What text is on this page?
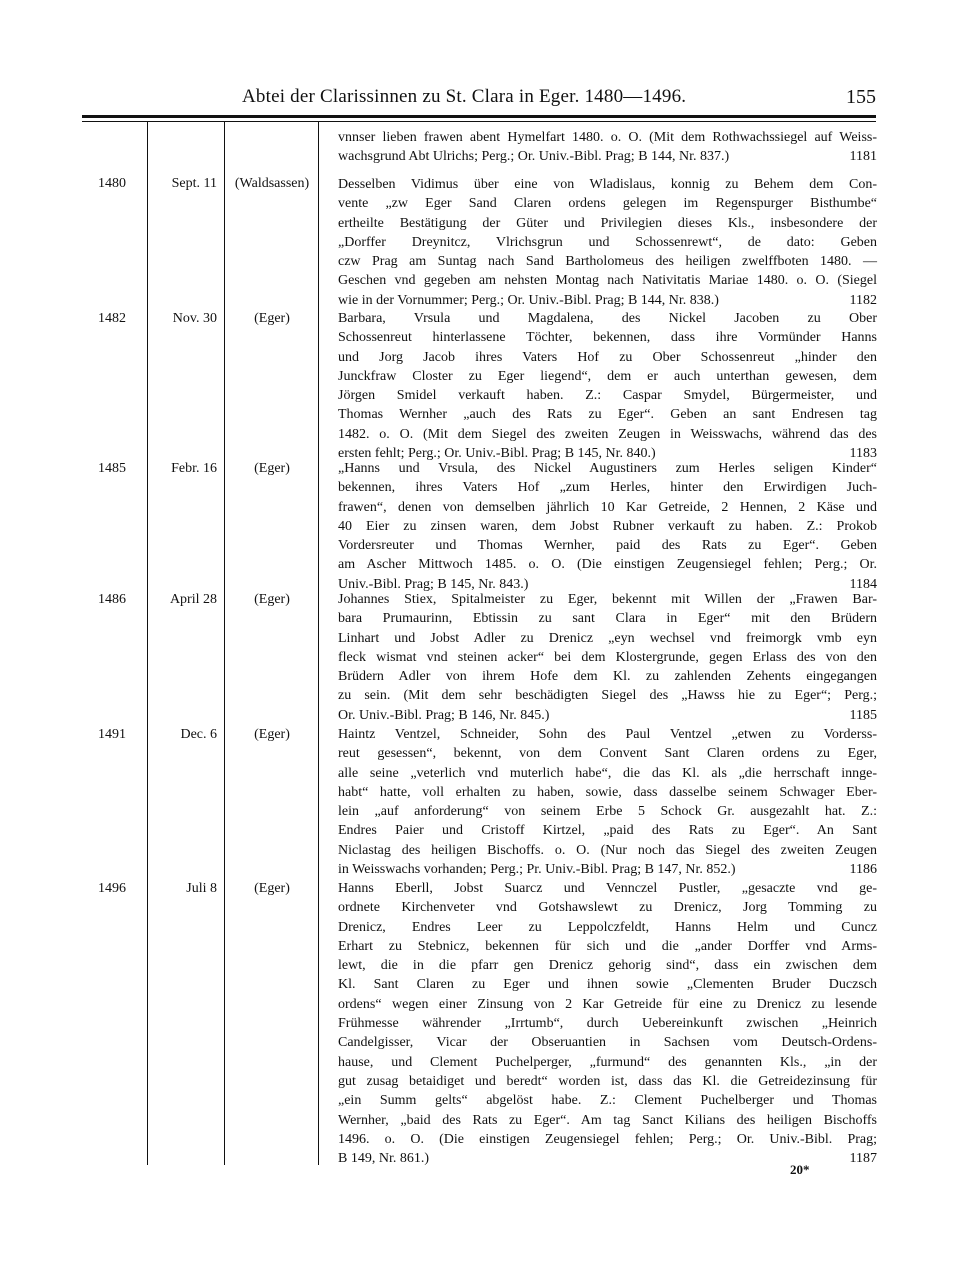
Abtei der Clarissinnen zu St. Clara in Eger. 1480—1496.	155
vnnser lieben frawen abent Hymelfart 1480. o. O. (Mit dem Rothwachssiegel auf Weiss-
wachsgrund Abt Ulrichs; Perg.; Or. Univ.-Bibl. Prag; B 144, Nr. 837.)	1181
1480	Sept. 11	(Waldsassen)	Desselben Vidimus über eine von Wladislaus, konnig zu Behem dem Con-
vente „zw Eger Sand Claren ordens gelegen im Regenspurger Bisthumbe“
ertheilte Bestätigung der Güter und Privilegien dieses Kls., insbesondere der
„Dorffer Dreynitcz, Vlrichsgrun und Schossenrewt“, de dato: Geben
czw Prag am Suntag nach Sand Bartholomeus des heiligen zwelffboten 1480. —
Geschen vnd gegeben am nehsten Montag nach Nativitatis Mariae 1480. o. O. (Siegel
wie in der Vornummer; Perg.; Or. Univ.-Bibl. Prag; B 144, Nr. 838.)	1182
1482	Nov. 30	(Eger)	Barbara, Vrsula und Magdalena, des Nickel Jacoben zu Ober
Schossenreut hinterlassene Töchter, bekennen, dass ihre Vormünder Hanns
und Jorg Jacob ihres Vaters Hof zu Ober Schossenreut „hinder den
Junckfraw Closter zu Eger liegend“, dem er auch unterthan gewesen, dem
Jörgen Smidel verkauft haben. Z.: Caspar Smydel, Bürgermeister, und
Thomas Wernher „auch des Rats zu Eger“. Geben an sant Endresen tag
1482. o. O. (Mit dem Siegel des zweiten Zeugen in Weisswachs, während das des
ersten fehlt; Perg.; Or. Univ.-Bibl. Prag; B 145, Nr. 840.)	1183
1485	Febr. 16	(Eger)	„Hanns und Vrsula, des Nickel Augustiners zum Herles seligen Kinder“
bekennen, ihres Vaters Hof „zum Herles, hinter den Erwirdigen Juch-
frawen“, denen von demselben jährlich 10 Kar Getreide, 2 Hennen, 2 Käse und
40 Eier zu zinsen waren, dem Jobst Rubner verkauft zu haben. Z.: Prokob
Vordersreuter und Thomas Wernher, paid des Rats zu Eger“. Geben
am Ascher Mittwoch 1485. o. O. (Die einstigen Zeugensiegel fehlen; Perg.; Or.
Univ.-Bibl. Prag; B 145, Nr. 843.)	1184
1486	April 28	(Eger)	Johannes Stiex, Spitalmeister zu Eger, bekennt mit Willen der „Frawen Bar-
bara Prumaurinn, Ebtissin zu sant Clara in Eger“ mit den Brüdern
Linhart und Jobst Adler zu Drenicz „eyn wechsel vnd freimorgk vmb eyn
fleck wismat vnd steinen acker“ bei dem Klostergrunde, gegen Erlass des von den
Brüdern Adler von ihrem Hofe dem Kl. zu zahlenden Zehents eingegangen
zu sein. (Mit dem sehr beschädigten Siegel des „Hawss hie zu Eger“; Perg.;
Or. Univ.-Bibl. Prag; B 146, Nr. 845.)	1185
1491	Dec. 6	(Eger)	Haintz Ventzel, Schneider, Sohn des Paul Ventzel „etwen zu Vorderss-
reut gesessen“, bekennt, von dem Convent Sant Claren ordens zu Eger,
alle seine „veterlich vnd muterlich habe“, die das Kl. als „die herrschaft innge-
habt“ hatte, voll erhalten zu haben, sowie, dass dasselbe seinem Schwager Eber-
lein „auf anforderung“ von seinem Erbe 5 Schock Gr. ausgezahlt hat. Z.:
Endres Paier und Cristoff Kirtzel, „paid des Rats zu Eger“. An Sant
Niclastag des heiligen Bischoffs. o. O. (Nur noch das Siegel des zweiten Zeugen
in Weisswachs vorhanden; Perg.; Pr. Univ.-Bibl. Prag; B 147, Nr. 852.)	1186
1496	Juli 8	(Eger)	Hanns Eberll, Jobst Suarcz und Vennczel Pustler, „gesaczte vnd ge-
ordnete Kirchenveter vnd Gotshawslewt zu Drenicz, Jorg Tomming zu
Drenicz, Endres Leer zu Leppolczfeldt, Hanns Helm und Cuncz
Erhart zu Stebnicz, bekennen für sich und die „ander Dorffer vnd Arms-
lewt, die in die pfarr gen Drenicz gehorig sind“, dass ein zwischen dem
Kl. Sant Claren zu Eger und ihnen sowie „Clementen Bruder Duczsch
ordens“ wegen einer Zinsung von 2 Kar Getreide für eine zu Drenicz zu lesende
Frühmesse währender „Irrtumb“, durch Uebereinkunft zwischen „Heinrich
Candelgisser, Vicar der Obseruantien in Sachsen vom Deutsch-Ordens-
hause, und Clement Puchelperger, „furmund“ des genannten Kls., „in der
gut zusag betaidiget und beredt“ worden ist, dass das Kl. die Getreidezinsung für
„ein Summ gelts“ abgelöst habe. Z.: Clement Puchelberger und Thomas
Wernher, „baid des Rats zu Eger“. Am tag Sanct Kilians des heiligen Bischoffs
1496. o. O. (Die einstigen Zeugensiegel fehlen; Perg.; Or. Univ.-Bibl. Prag;
B 149, Nr. 861.)	1187
20*
